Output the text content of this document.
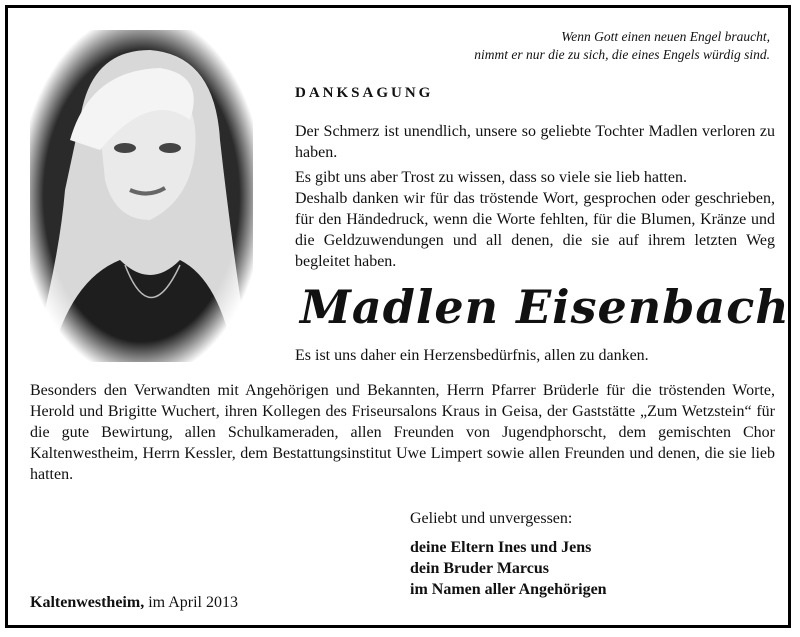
Wenn Gott einen neuen Engel braucht,
nimmt er nur die zu sich, die eines Engels würdig sind.
DANKSAGUNG
Der Schmerz ist unendlich, unsere so geliebte Tochter Madlen verloren zu haben.
Es gibt uns aber Trost zu wissen, dass so viele sie lieb hatten.
Deshalb danken wir für das tröstende Wort, gesprochen oder geschrieben, für den Händedruck, wenn die Worte fehlten, für die Blumen, Kränze und die Geldzuwendungen und all denen, die sie auf ihrem letzten Weg begleitet haben.
Madlen Eisenbach
Es ist uns daher ein Herzensbedürfnis, allen zu danken.
Besonders den Verwandten mit Angehörigen und Bekannten, Herrn Pfarrer Brüderle für die tröstenden Worte, Herold und Brigitte Wuchert, ihren Kollegen des Friseursalons Kraus in Geisa, der Gaststätte „Zum Wetzstein“ für die gute Bewirtung, allen Schulkameraden, allen Freunden von Jugendphorscht, dem gemischten Chor Kaltenwestheim, Herrn Kessler, dem Bestattungsinstitut Uwe Limpert sowie allen Freunden und denen, die sie lieb hatten.
Geliebt und unvergessen:
deine Eltern Ines und Jens
dein Bruder Marcus
im Namen aller Angehörigen
Kaltenwestheim, im April 2013
